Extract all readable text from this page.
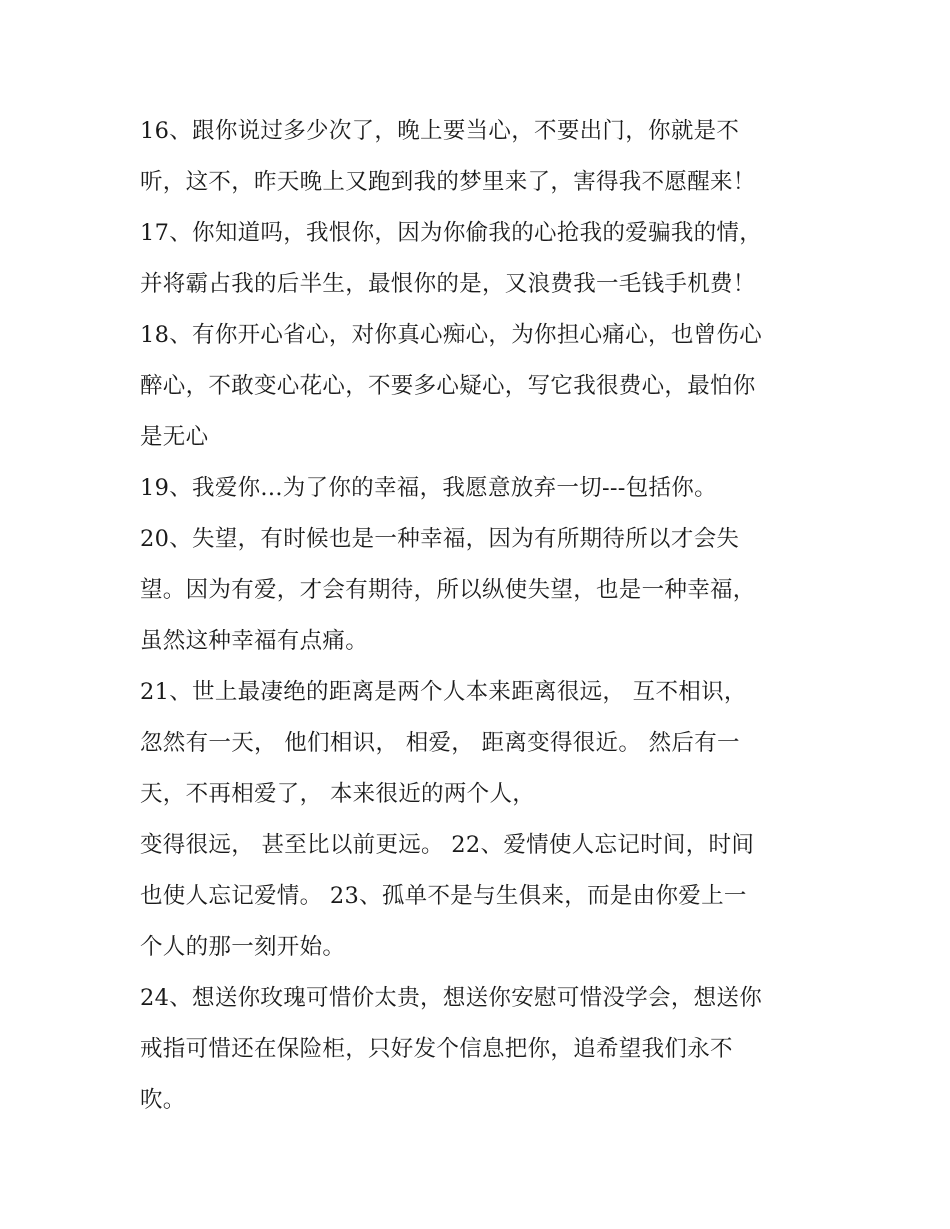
16、跟你说过多少次了，晚上要当心，不要出门，你就是不
听，这不，昨天晚上又跑到我的梦里来了，害得我不愿醒来！
17、你知道吗，我恨你，因为你偷我的心抢我的爱骗我的情，
并将霸占我的后半生，最恨你的是，又浪费我一毛钱手机费！
18、有你开心省心，对你真心痴心，为你担心痛心，也曾伤心
醉心，不敢变心花心，不要多心疑心，写它我很费心，最怕你
是无心
19、我爱你...为了你的幸福，我愿意放弃一切---包括你。
20、失望，有时候也是一种幸福，因为有所期待所以才会失
望。因为有爱，才会有期待，所以纵使失望，也是一种幸福，
虽然这种幸福有点痛。
21、世上最凄绝的距离是两个人本来距离很远， 互不相识，
忽然有一天， 他们相识， 相爱， 距离变得很近。 然后有一
天，不再相爱了， 本来很近的两个人，
变得很远， 甚至比以前更远。 22、爱情使人忘记时间，时间
也使人忘记爱情。 23、孤单不是与生俱来，而是由你爱上一
个人的那一刻开始。
24、想送你玫瑰可惜价太贵，想送你安慰可惜没学会，想送你
戒指可惜还在保险柜，只好发个信息把你，追希望我们永不
吹。
